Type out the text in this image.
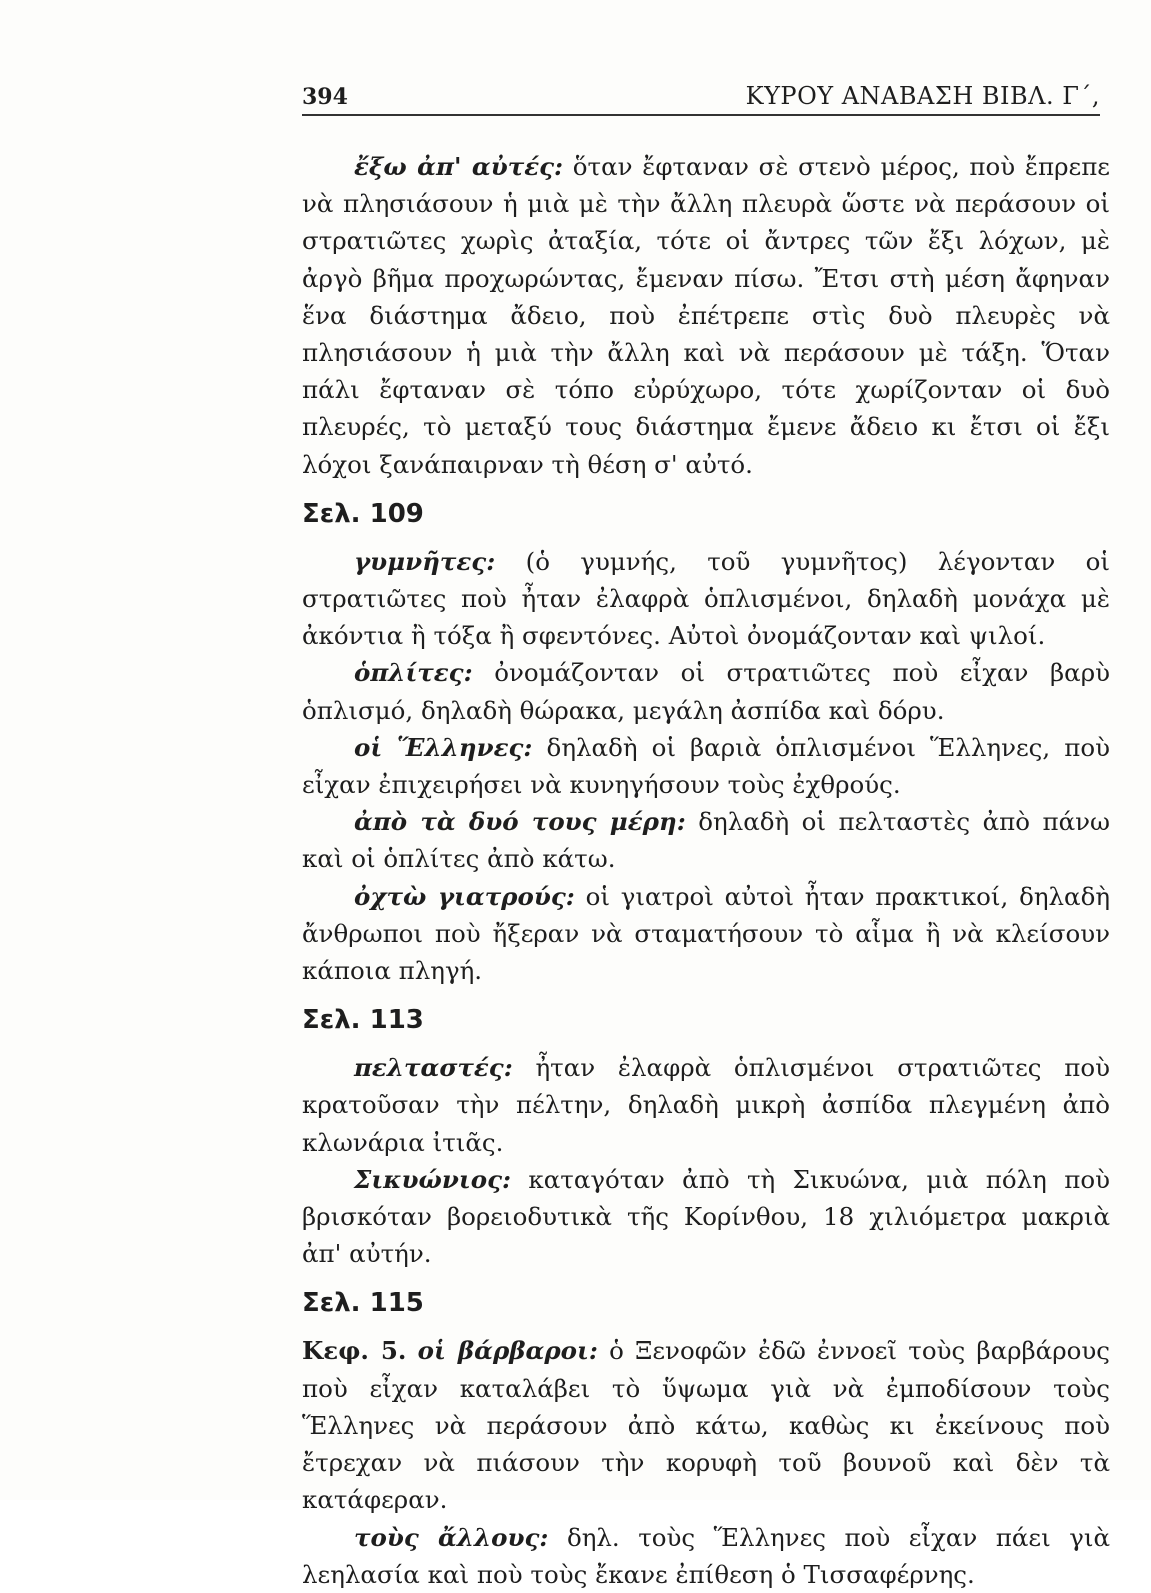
394	ΚΥΡΟΥ ΑΝΑΒΑΣΗ ΒΙΒΛ. Γ΄,

ἔξω ἀπ' αὐτές: ὅταν ἔφταναν σὲ στενὸ μέρος, ποὺ ἔπρεπε νὰ πλησιάσουν ἡ μιὰ μὲ τὴν ἄλλη πλευρὰ ὥστε νὰ περάσουν οἱ στρατιῶτες χωρὶς ἀταξία, τότε οἱ ἄντρες τῶν ἔξι λόχων, μὲ ἀργὸ βῆμα προχωρώντας, ἔμεναν πίσω. Ἔτσι στὴ μέση ἄφηναν ἕνα διάστημα ἄδειο, ποὺ ἐπέτρεπε στὶς δυὸ πλευρὲς νὰ πλησιάσουν ἡ μιὰ τὴν ἄλλη καὶ νὰ περάσουν μὲ τάξη. Ὅταν πάλι ἔφταναν σὲ τόπο εὐρύχωρο, τότε χωρίζονταν οἱ δυὸ πλευρές, τὸ μεταξύ τους διάστημα ἔμενε ἄδειο κι ἔτσι οἱ ἔξι λόχοι ξανάπαιρναν τὴ θέση σ' αὐτό.

Σελ. 109

γυμνῆτες: (ὁ γυμνής, τοῦ γυμνῆτος) λέγονταν οἱ στρατιῶτες ποὺ ἦταν ἐλαφρὰ ὁπλισμένοι, δηλαδὴ μονάχα μὲ ἀκόντια ἢ τόξα ἢ σφεντόνες. Αὐτοὶ ὀνομάζονταν καὶ ψιλοί.

ὁπλίτες: ὀνομάζονταν οἱ στρατιῶτες ποὺ εἶχαν βαρὺ ὁπλισμό, δηλαδὴ θώρακα, μεγάλη ἀσπίδα καὶ δόρυ.

οἱ Ἕλληνες: δηλαδὴ οἱ βαριὰ ὁπλισμένοι Ἕλληνες, ποὺ εἶχαν ἐπιχειρήσει νὰ κυνηγήσουν τοὺς ἐχθρούς.

ἀπὸ τὰ δυό τους μέρη: δηλαδὴ οἱ πελταστὲς ἀπὸ πάνω καὶ οἱ ὁπλίτες ἀπὸ κάτω.

ὀχτὼ γιατρούς: οἱ γιατροὶ αὐτοὶ ἦταν πρακτικοί, δηλαδὴ ἄνθρωποι ποὺ ἤξεραν νὰ σταματήσουν τὸ αἷμα ἢ νὰ κλείσουν κάποια πληγή.

Σελ. 113

πελταστές: ἦταν ἐλαφρὰ ὁπλισμένοι στρατιῶτες ποὺ κρατοῦσαν τὴν πέλτην, δηλαδὴ μικρὴ ἀσπίδα πλεγμένη ἀπὸ κλωνάρια ἰτιᾶς.

Σικυώνιος: καταγόταν ἀπὸ τὴ Σικυώνα, μιὰ πόλη ποὺ βρισκόταν βορειοδυτικὰ τῆς Κορίνθου, 18 χιλιόμετρα μακριὰ ἀπ' αὐτήν.

Σελ. 115

Κεφ. 5. οἱ βάρβαροι: ὁ Ξενοφῶν ἐδῶ ἐννοεῖ τοὺς βαρβάρους ποὺ εἶχαν καταλάβει τὸ ὕψωμα γιὰ νὰ ἐμποδίσουν τοὺς Ἕλληνες νὰ περάσουν ἀπὸ κάτω, καθὼς κι ἐκείνους ποὺ ἔτρεχαν νὰ πιάσουν τὴν κορυφὴ τοῦ βουνοῦ καὶ δὲν τὰ κατάφεραν.

τοὺς ἄλλους: δηλ. τοὺς Ἕλληνες ποὺ εἶχαν πάει γιὰ λεηλασία καὶ ποὺ τοὺς ἔκανε ἐπίθεση ὁ Τισσαφέρνης.
